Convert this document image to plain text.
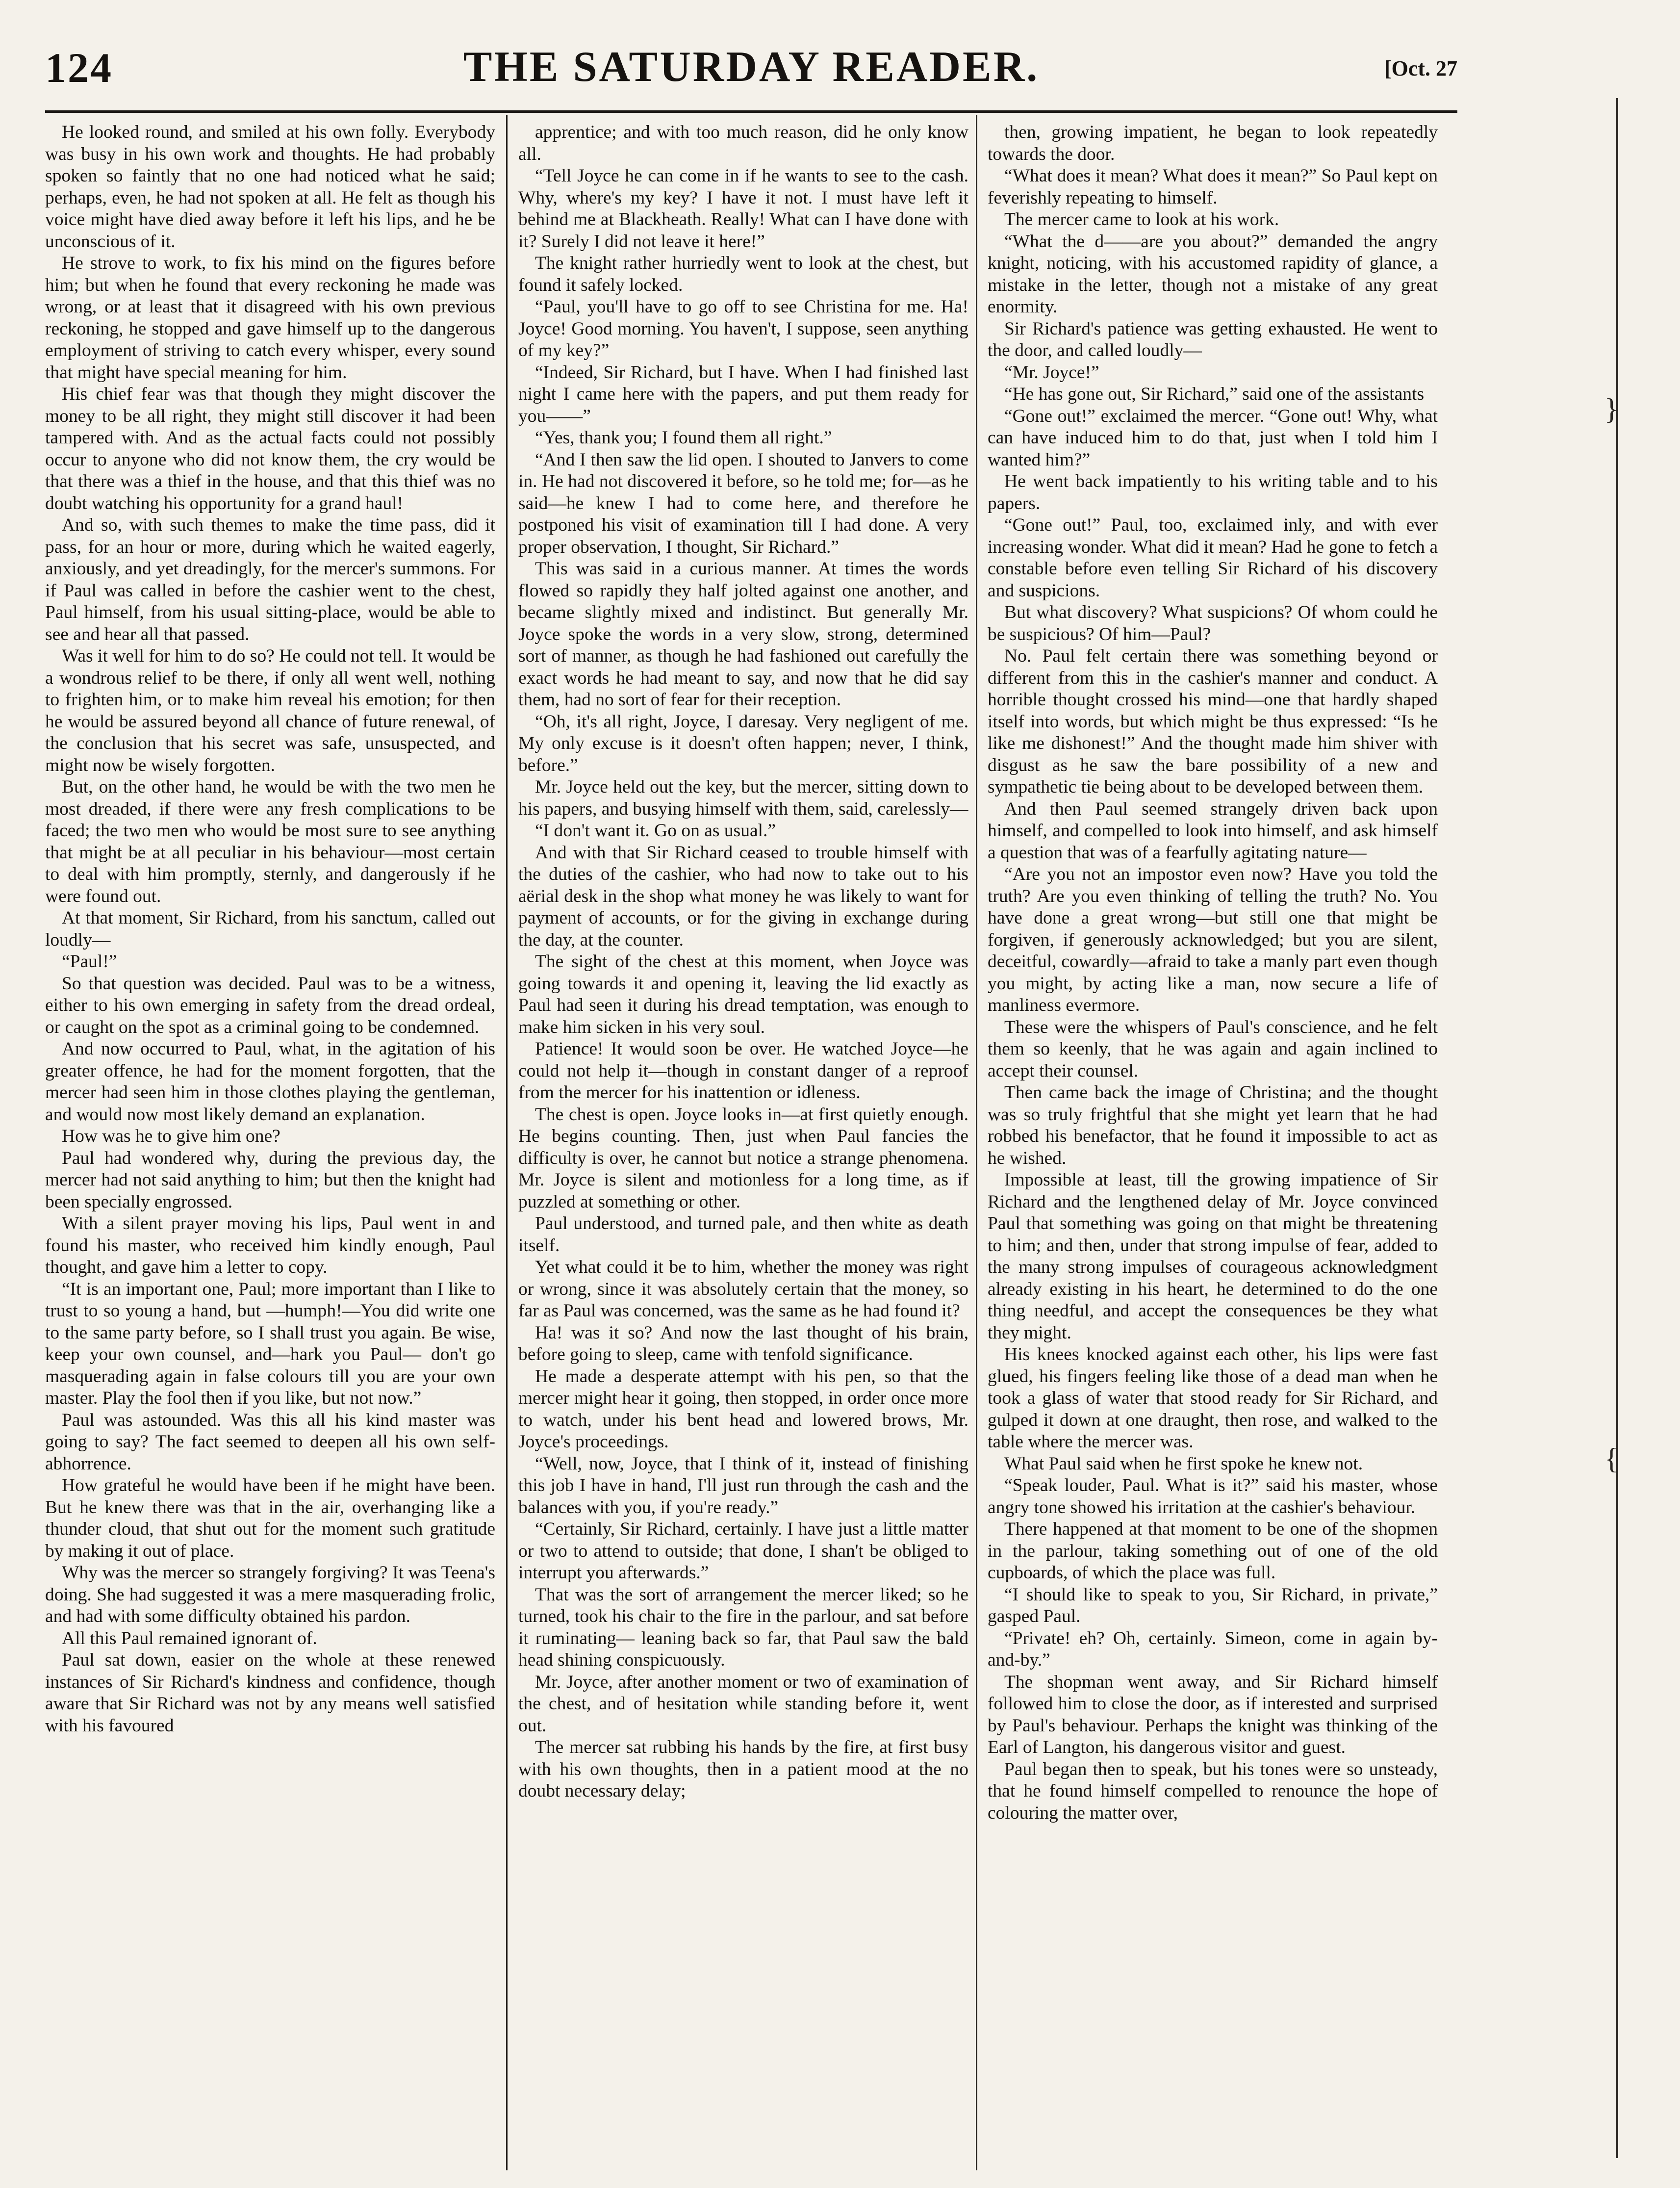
124	THE SATURDAY READER.	[Oct. 27

He looked round, and smiled at his own folly. Everybody was busy in his own work and thoughts. He had probably spoken so faintly that no one had noticed what he said; perhaps, even, he had not spoken at all. He felt as though his voice might have died away before it left his lips, and he be unconscious of it.

He strove to work, to fix his mind on the figures before him; but when he found that every reckoning he made was wrong, or at least that it disagreed with his own previous reckoning, he stopped and gave himself up to the dangerous employment of striving to catch every whisper, every sound that might have special meaning for him.

His chief fear was that though they might discover the money to be all right, they might still discover it had been tampered with. And as the actual facts could not possibly occur to anyone who did not know them, the cry would be that there was a thief in the house, and that this thief was no doubt watching his opportunity for a grand haul!

And so, with such themes to make the time pass, did it pass, for an hour or more, during which he waited eagerly, anxiously, and yet dreadingly, for the mercer's summons. For if Paul was called in before the cashier went to the chest, Paul himself, from his usual sitting-place, would be able to see and hear all that passed.

Was it well for him to do so? He could not tell. It would be a wondrous relief to be there, if only all went well, nothing to frighten him, or to make him reveal his emotion; for then he would be assured beyond all chance of future renewal, of the conclusion that his secret was safe, unsuspected, and might now be wisely forgotten.

But, on the other hand, he would be with the two men he most dreaded, if there were any fresh complications to be faced; the two men who would be most sure to see anything that might be at all peculiar in his behaviour—most certain to deal with him promptly, sternly, and dangerously if he were found out.

At that moment, Sir Richard, from his sanctum, called out loudly—

“Paul!”

So that question was decided. Paul was to be a witness, either to his own emerging in safety from the dread ordeal, or caught on the spot as a criminal going to be condemned.

And now occurred to Paul, what, in the agitation of his greater offence, he had for the moment forgotten, that the mercer had seen him in those clothes playing the gentleman, and would now most likely demand an explanation.

How was he to give him one?

Paul had wondered why, during the previous day, the mercer had not said anything to him; but then the knight had been specially engrossed.

With a silent prayer moving his lips, Paul went in and found his master, who received him kindly enough, Paul thought, and gave him a letter to copy.

“It is an important one, Paul; more important than I like to trust to so young a hand, but —humph!—You did write one to the same party before, so I shall trust you again. Be wise, keep your own counsel, and—hark you Paul— don't go masquerading again in false colours till you are your own master. Play the fool then if you like, but not now.”

Paul was astounded. Was this all his kind master was going to say? The fact seemed to deepen all his own self-abhorrence.

How grateful he would have been if he might have been. But he knew there was that in the air, overhanging like a thunder cloud, that shut out for the moment such gratitude by making it out of place.

Why was the mercer so strangely forgiving? It was Teena's doing. She had suggested it was a mere masquerading frolic, and had with some difficulty obtained his pardon.

All this Paul remained ignorant of.

Paul sat down, easier on the whole at these renewed instances of Sir Richard's kindness and confidence, though aware that Sir Richard was not by any means well satisfied with his favoured

apprentice; and with too much reason, did he only know all.

“Tell Joyce he can come in if he wants to see to the cash. Why, where's my key? I have it not. I must have left it behind me at Blackheath. Really! What can I have done with it? Surely I did not leave it here!”

The knight rather hurriedly went to look at the chest, but found it safely locked.

“Paul, you'll have to go off to see Christina for me. Ha! Joyce! Good morning. You haven't, I suppose, seen anything of my key?”

“Indeed, Sir Richard, but I have. When I had finished last night I came here with the papers, and put them ready for you——”

“Yes, thank you; I found them all right.”

“And I then saw the lid open. I shouted to Janvers to come in. He had not discovered it before, so he told me; for—as he said—he knew I had to come here, and therefore he postponed his visit of examination till I had done. A very proper observation, I thought, Sir Richard.”

This was said in a curious manner. At times the words flowed so rapidly they half jolted against one another, and became slightly mixed and indistinct. But generally Mr. Joyce spoke the words in a very slow, strong, determined sort of manner, as though he had fashioned out carefully the exact words he had meant to say, and now that he did say them, had no sort of fear for their reception.

“Oh, it's all right, Joyce, I daresay. Very negligent of me. My only excuse is it doesn't often happen; never, I think, before.”

Mr. Joyce held out the key, but the mercer, sitting down to his papers, and busying himself with them, said, carelessly—

“I don't want it. Go on as usual.”

And with that Sir Richard ceased to trouble himself with the duties of the cashier, who had now to take out to his aërial desk in the shop what money he was likely to want for payment of accounts, or for the giving in exchange during the day, at the counter.

The sight of the chest at this moment, when Joyce was going towards it and opening it, leaving the lid exactly as Paul had seen it during his dread temptation, was enough to make him sicken in his very soul.

Patience! It would soon be over. He watched Joyce—he could not help it—though in constant danger of a reproof from the mercer for his inattention or idleness.

The chest is open. Joyce looks in—at first quietly enough. He begins counting. Then, just when Paul fancies the difficulty is over, he cannot but notice a strange phenomena. Mr. Joyce is silent and motionless for a long time, as if puzzled at something or other.

Paul understood, and turned pale, and then white as death itself.

Yet what could it be to him, whether the money was right or wrong, since it was absolutely certain that the money, so far as Paul was concerned, was the same as he had found it?

Ha! was it so? And now the last thought of his brain, before going to sleep, came with tenfold significance.

He made a desperate attempt with his pen, so that the mercer might hear it going, then stopped, in order once more to watch, under his bent head and lowered brows, Mr. Joyce's proceedings.

“Well, now, Joyce, that I think of it, instead of finishing this job I have in hand, I'll just run through the cash and the balances with you, if you're ready.”

“Certainly, Sir Richard, certainly. I have just a little matter or two to attend to outside; that done, I shan't be obliged to interrupt you afterwards.”

That was the sort of arrangement the mercer liked; so he turned, took his chair to the fire in the parlour, and sat before it ruminating— leaning back so far, that Paul saw the bald head shining conspicuously.

Mr. Joyce, after another moment or two of examination of the chest, and of hesitation while standing before it, went out.

The mercer sat rubbing his hands by the fire, at first busy with his own thoughts, then in a patient mood at the no doubt necessary delay;

then, growing impatient, he began to look repeatedly towards the door.

“What does it mean? What does it mean?” So Paul kept on feverishly repeating to himself.

The mercer came to look at his work.

“What the d——are you about?” demanded the angry knight, noticing, with his accustomed rapidity of glance, a mistake in the letter, though not a mistake of any great enormity.

Sir Richard's patience was getting exhausted. He went to the door, and called loudly—

“Mr. Joyce!”

“He has gone out, Sir Richard,” said one of the assistants

“Gone out!” exclaimed the mercer. “Gone out! Why, what can have induced him to do that, just when I told him I wanted him?”

He went back impatiently to his writing table and to his papers.

“Gone out!” Paul, too, exclaimed inly, and with ever increasing wonder. What did it mean? Had he gone to fetch a constable before even telling Sir Richard of his discovery and suspicions.

But what discovery? What suspicions? Of whom could he be suspicious? Of him—Paul?

No. Paul felt certain there was something beyond or different from this in the cashier's manner and conduct. A horrible thought crossed his mind—one that hardly shaped itself into words, but which might be thus expressed: “Is he like me dishonest!” And the thought made him shiver with disgust as he saw the bare possibility of a new and sympathetic tie being about to be developed between them.

And then Paul seemed strangely driven back upon himself, and compelled to look into himself, and ask himself a question that was of a fearfully agitating nature—

“Are you not an impostor even now? Have you told the truth? Are you even thinking of telling the truth? No. You have done a great wrong—but still one that might be forgiven, if generously acknowledged; but you are silent, deceitful, cowardly—afraid to take a manly part even though you might, by acting like a man, now secure a life of manliness evermore.

These were the whispers of Paul's conscience, and he felt them so keenly, that he was again and again inclined to accept their counsel.

Then came back the image of Christina; and the thought was so truly frightful that she might yet learn that he had robbed his benefactor, that he found it impossible to act as he wished.

Impossible at least, till the growing impatience of Sir Richard and the lengthened delay of Mr. Joyce convinced Paul that something was going on that might be threatening to him; and then, under that strong impulse of fear, added to the many strong impulses of courageous acknowledgment already existing in his heart, he determined to do the one thing needful, and accept the consequences be they what they might.

His knees knocked against each other, his lips were fast glued, his fingers feeling like those of a dead man when he took a glass of water that stood ready for Sir Richard, and gulped it down at one draught, then rose, and walked to the table where the mercer was.

What Paul said when he first spoke he knew not.

“Speak louder, Paul. What is it?” said his master, whose angry tone showed his irritation at the cashier's behaviour.

There happened at that moment to be one of the shopmen in the parlour, taking something out of one of the old cupboards, of which the place was full.

“I should like to speak to you, Sir Richard, in private,” gasped Paul.

“Private! eh? Oh, certainly. Simeon, come in again by-and-by.”

The shopman went away, and Sir Richard himself followed him to close the door, as if interested and surprised by Paul's behaviour. Perhaps the knight was thinking of the Earl of Langton, his dangerous visitor and guest.

Paul began then to speak, but his tones were so unsteady, that he found himself compelled to renounce the hope of colouring the matter over,

}
{
